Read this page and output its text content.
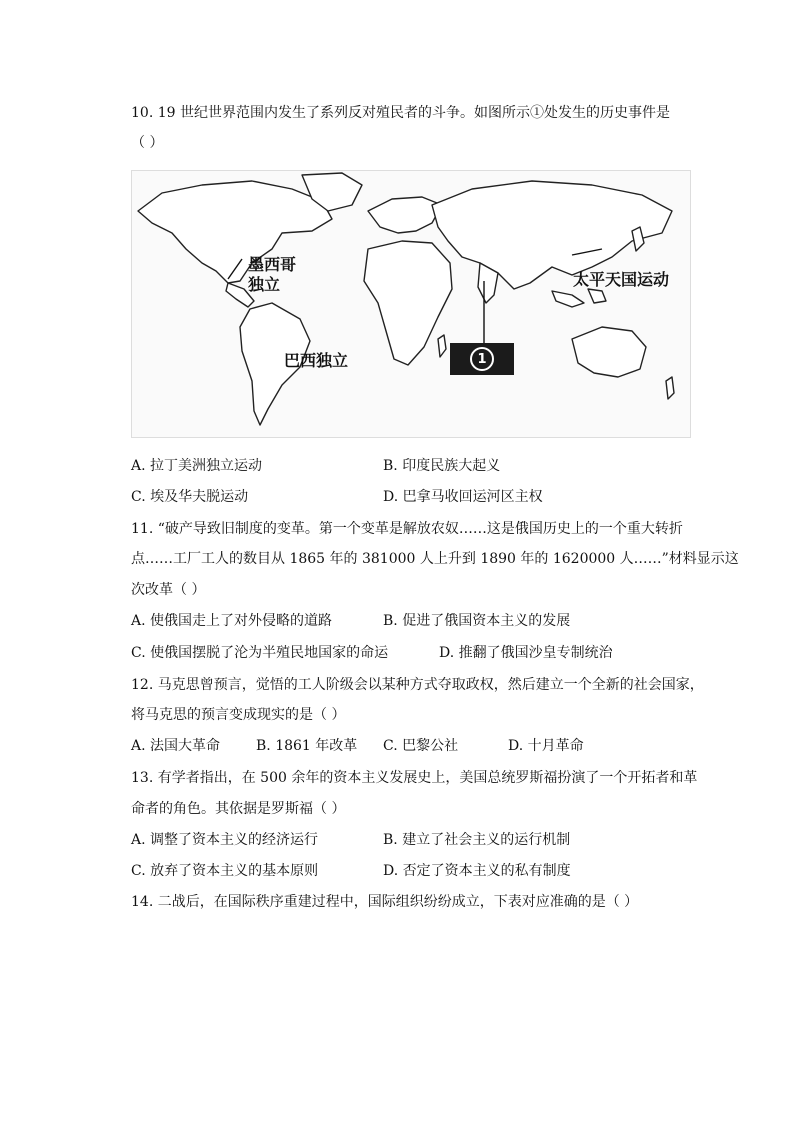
10. 19 世纪世界范围内发生了系列反对殖民者的斗争。如图所示①处发生的历史事件是
（ ）
墨西哥
独立	太平天国运动
巴西独立	1
A. 拉丁美洲独立运动	B. 印度民族大起义
C. 埃及华夫脱运动	D. 巴拿马收回运河区主权
11. “破产导致旧制度的变革。第一个变革是解放农奴……这是俄国历史上的一个重大转折
点……工厂工人的数目从 1865 年的 381000 人上升到 1890 年的 1620000 人……”材料显示这
次改革（ ）
A. 使俄国走上了对外侵略的道路	B. 促进了俄国资本主义的发展
C. 使俄国摆脱了沦为半殖民地国家的命运	D. 推翻了俄国沙皇专制统治
12. 马克思曾预言，觉悟的工人阶级会以某种方式夺取政权，然后建立一个全新的社会国家，
将马克思的预言变成现实的是（ ）
A. 法国大革命	B. 1861 年改革 C. 巴黎公社	D. 十月革命
13. 有学者指出，在 500 余年的资本主义发展史上，美国总统罗斯福扮演了一个开拓者和革
命者的角色。其依据是罗斯福（ ）
A. 调整了资本主义的经济运行	B. 建立了社会主义的运行机制
C. 放弃了资本主义的基本原则	D. 否定了资本主义的私有制度
14. 二战后，在国际秩序重建过程中，国际组织纷纷成立，下表对应准确的是（ ）
